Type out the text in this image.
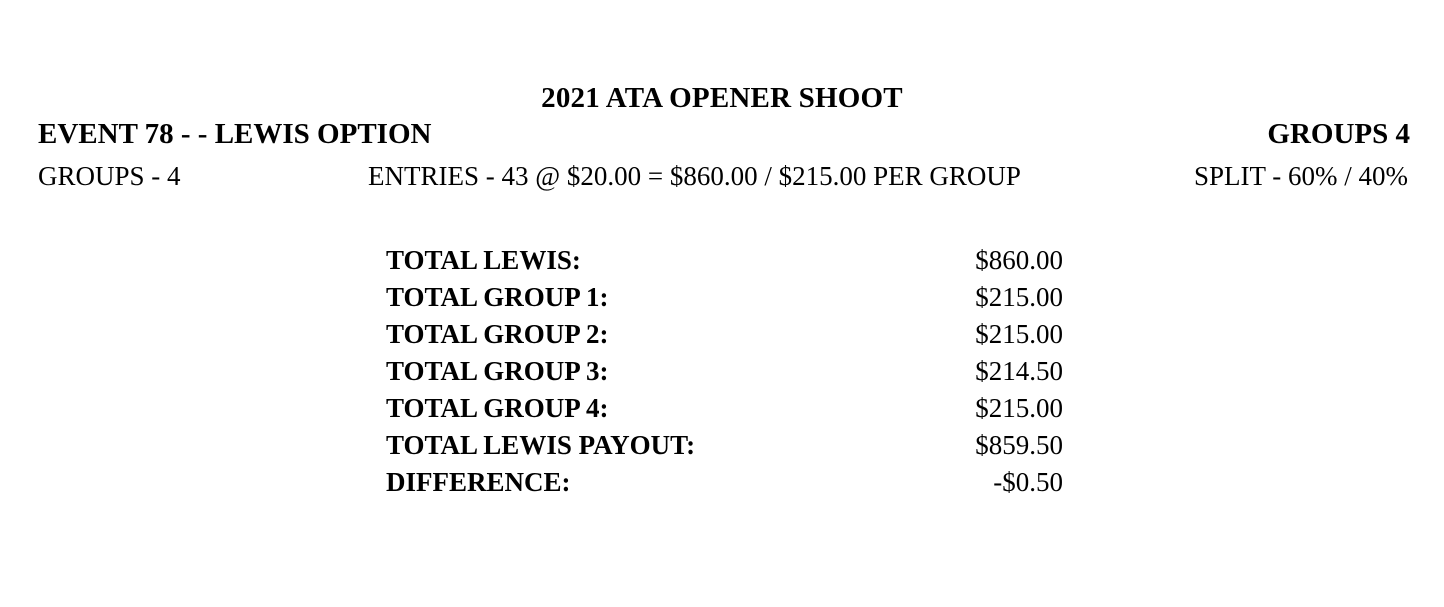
2021 ATA OPENER SHOOT
EVENT 78 - - LEWIS OPTION	GROUPS 4
GROUPS - 4	ENTRIES - 43 @ $20.00 = $860.00 / $215.00 PER GROUP	SPLIT - 60% / 40%
TOTAL LEWIS:	$860.00
TOTAL GROUP 1:	$215.00
TOTAL GROUP 2:	$215.00
TOTAL GROUP 3:	$214.50
TOTAL GROUP 4:	$215.00
TOTAL LEWIS PAYOUT:	$859.50
DIFFERENCE:	-$0.50
